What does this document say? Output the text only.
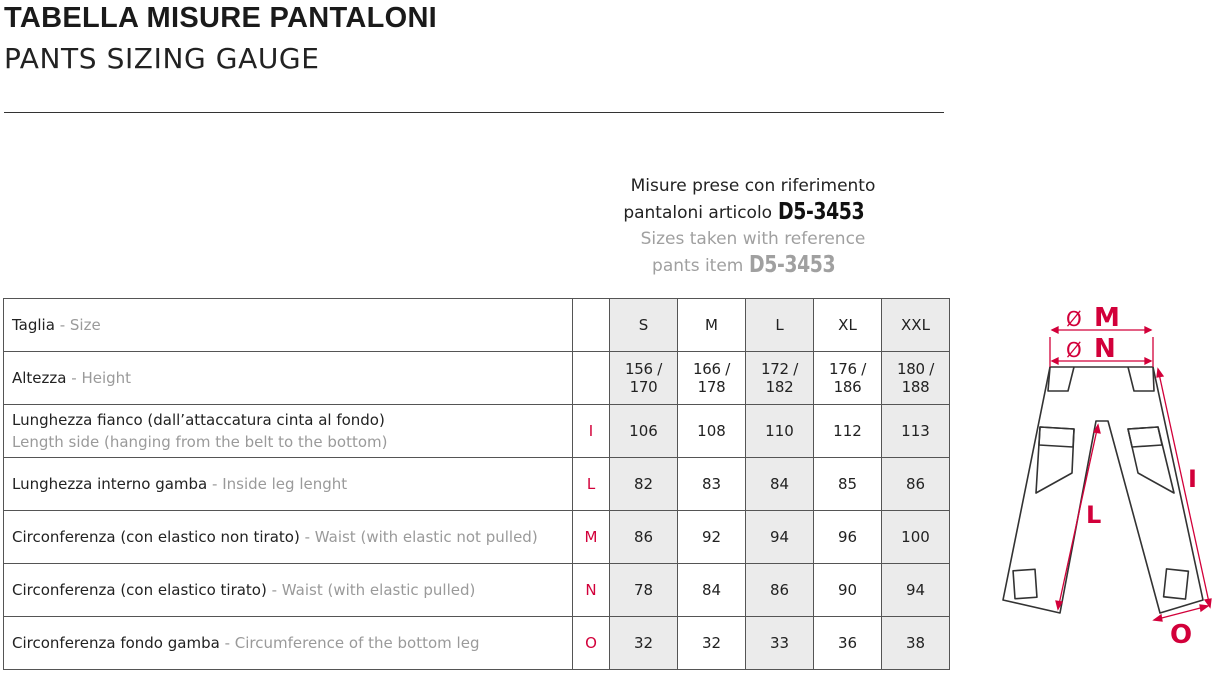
TABELLA MISURE PANTALONI
PANTS SIZING GAUGE
Misure prese con riferimento
pantaloni articolo D5-3453
Sizes taken with reference
pants item D5-3453
Taglia - Size		S	M	L	XL	XXL
Altezza - Height		156 / 170	166 / 178	172 / 182	176 / 186	180 / 188
Lunghezza fianco (dall’attaccatura cinta al fondo)
Length side (hanging from the belt to the bottom)	I	106	108	110	112	113
Lunghezza interno gamba - Inside leg lenght	L	82	83	84	85	86
Circonferenza (con elastico non tirato) - Waist (with elastic not pulled)	M	86	92	94	96	100
Circonferenza (con elastico tirato) - Waist (with elastic pulled)	N	78	84	86	90	94
Circonferenza fondo gamba - Circumference of the bottom leg	O	32	32	33	36	38
Ø M
Ø N
L
I
O
